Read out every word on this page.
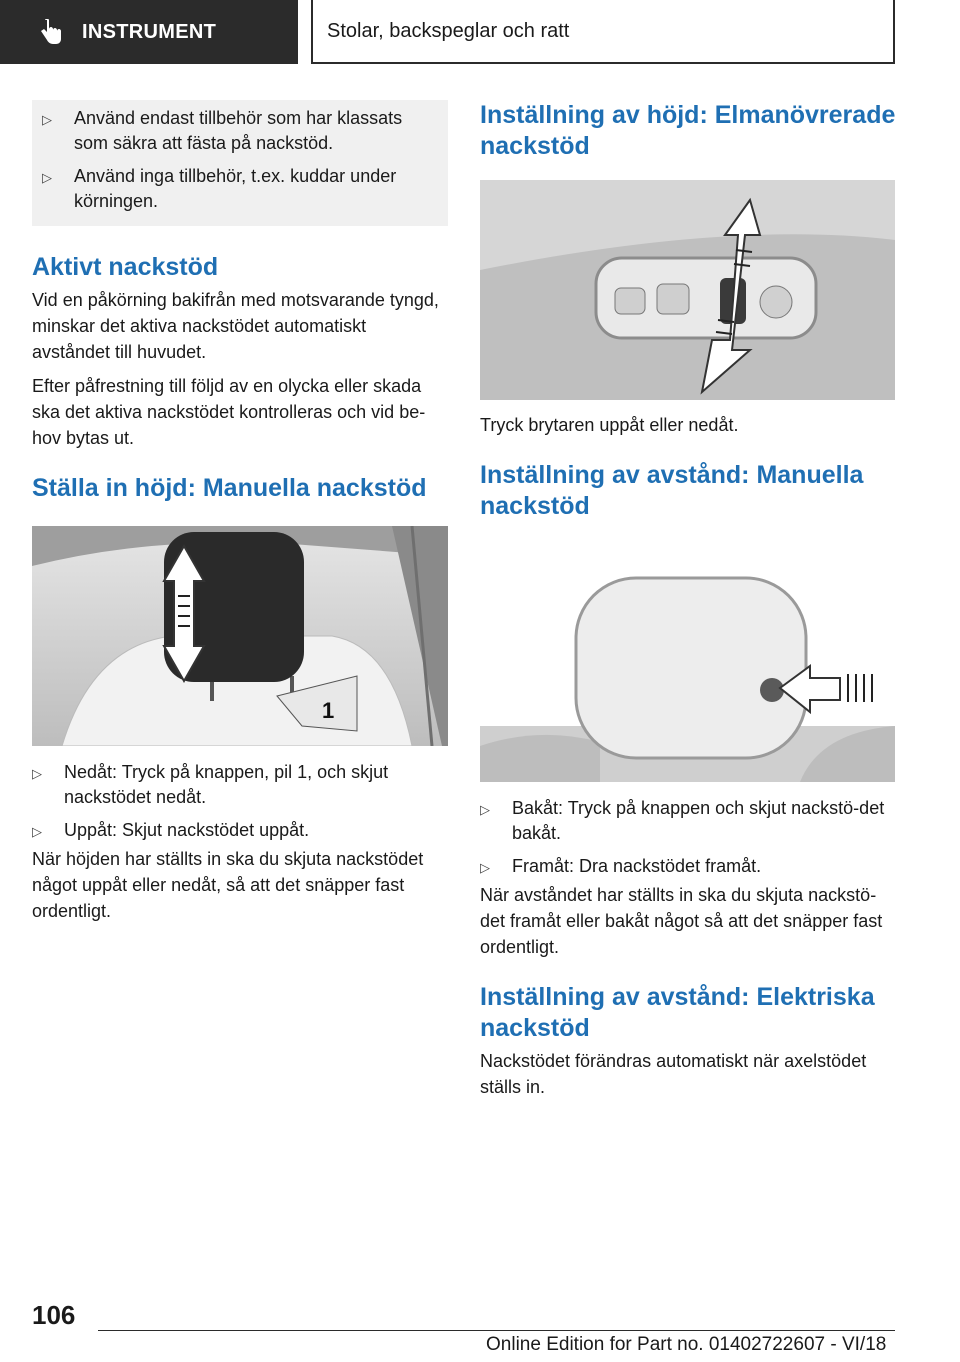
INSTRUMENT	Stolar, backspeglar och ratt
▷	Använd endast tillbehör som har klassats som säkra att fästa på nackstöd.
▷	Använd inga tillbehör, t.ex. kuddar under körningen.
Aktivt nackstöd

Vid en påkörning bakifrån med motsvarande tyngd, minskar det aktiva nackstödet automatiskt avståndet till huvudet.

Efter påfrestning till följd av en olycka eller skada ska det aktiva nackstödet kontrolleras och vid be-hov bytas ut.

Ställa in höjd: Manuella nackstöd
1
▷	Nedåt: Tryck på knappen, pil 1, och skjut nackstödet nedåt.
▷	Uppåt: Skjut nackstödet uppåt.

När höjden har ställts in ska du skjuta nackstödet något uppåt eller nedåt, så att det snäpper fast ordentligt.

Inställning av höjd: Elmanövrerade nackstöd

Tryck brytaren uppåt eller nedåt.

Inställning av avstånd: Manuella nackstöd
▷	Bakåt: Tryck på knappen och skjut nackstö-det bakåt.
▷	Framåt: Dra nackstödet framåt.

När avståndet har ställts in ska du skjuta nackstö-det framåt eller bakåt något så att det snäpper fast ordentligt.

Inställning av avstånd: Elektriska nackstöd

Nackstödet förändras automatiskt när axelstödet ställs in.

106
Online Edition for Part no. 01402722607 - VI/18
